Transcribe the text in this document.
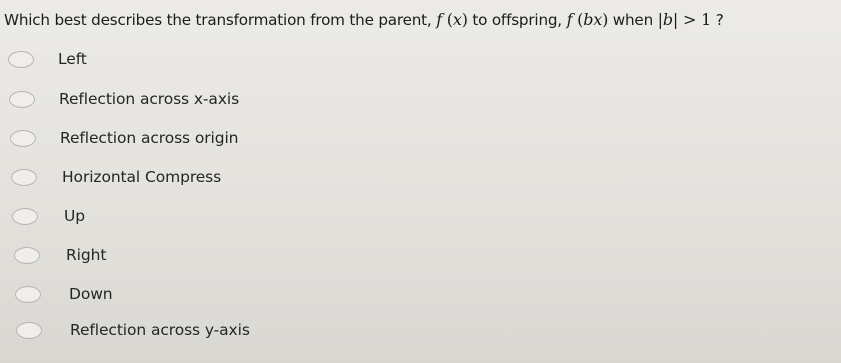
Which best describes the transformation from the parent, f (x) to offspring, f (bx) when |b| > 1 ?
Left
Reflection across x-axis
Reflection across origin
Horizontal Compress
Up
Right
Down
Reflection across y-axis
